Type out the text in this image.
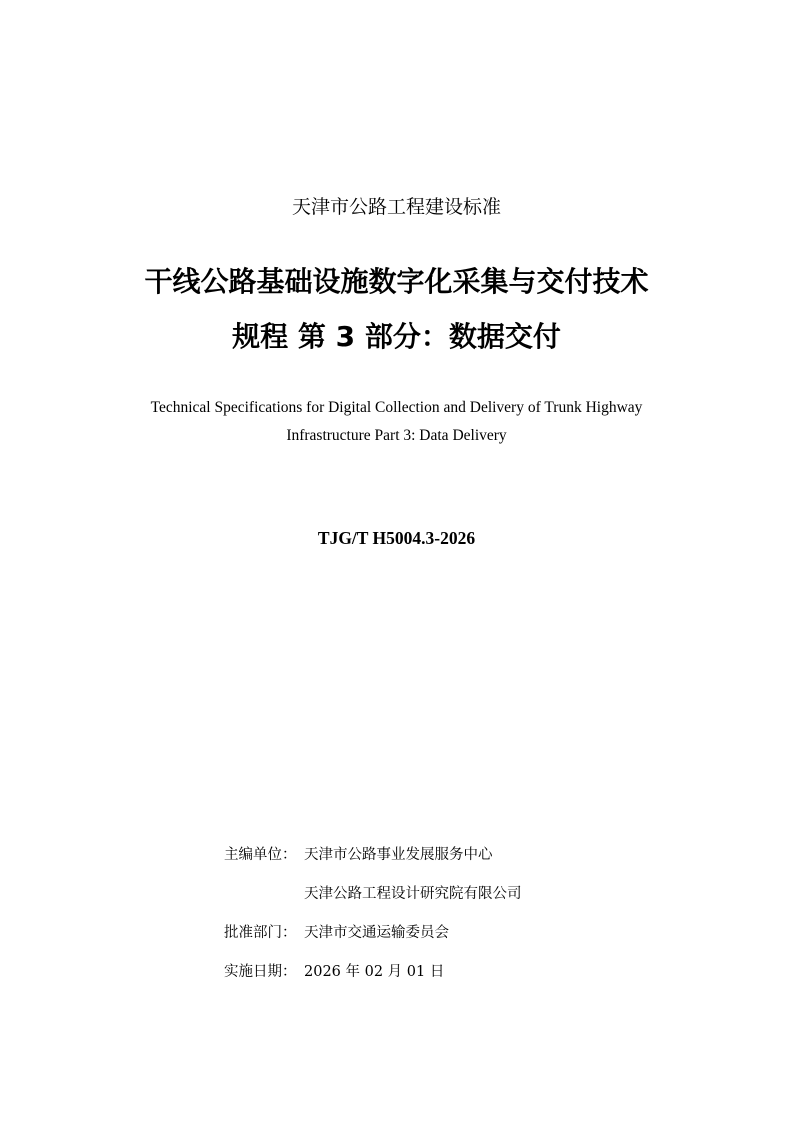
天津市公路工程建设标准
干线公路基础设施数字化采集与交付技术
规程 第 3 部分：数据交付
Technical Specifications for Digital Collection and Delivery of Trunk Highway
Infrastructure Part 3: Data Delivery
TJG/T H5004.3-2026
主编单位： 天津市公路事业发展服务中心
天津公路工程设计研究院有限公司
批准部门： 天津市交通运输委员会
实施日期： 2026 年 02 月 01 日
